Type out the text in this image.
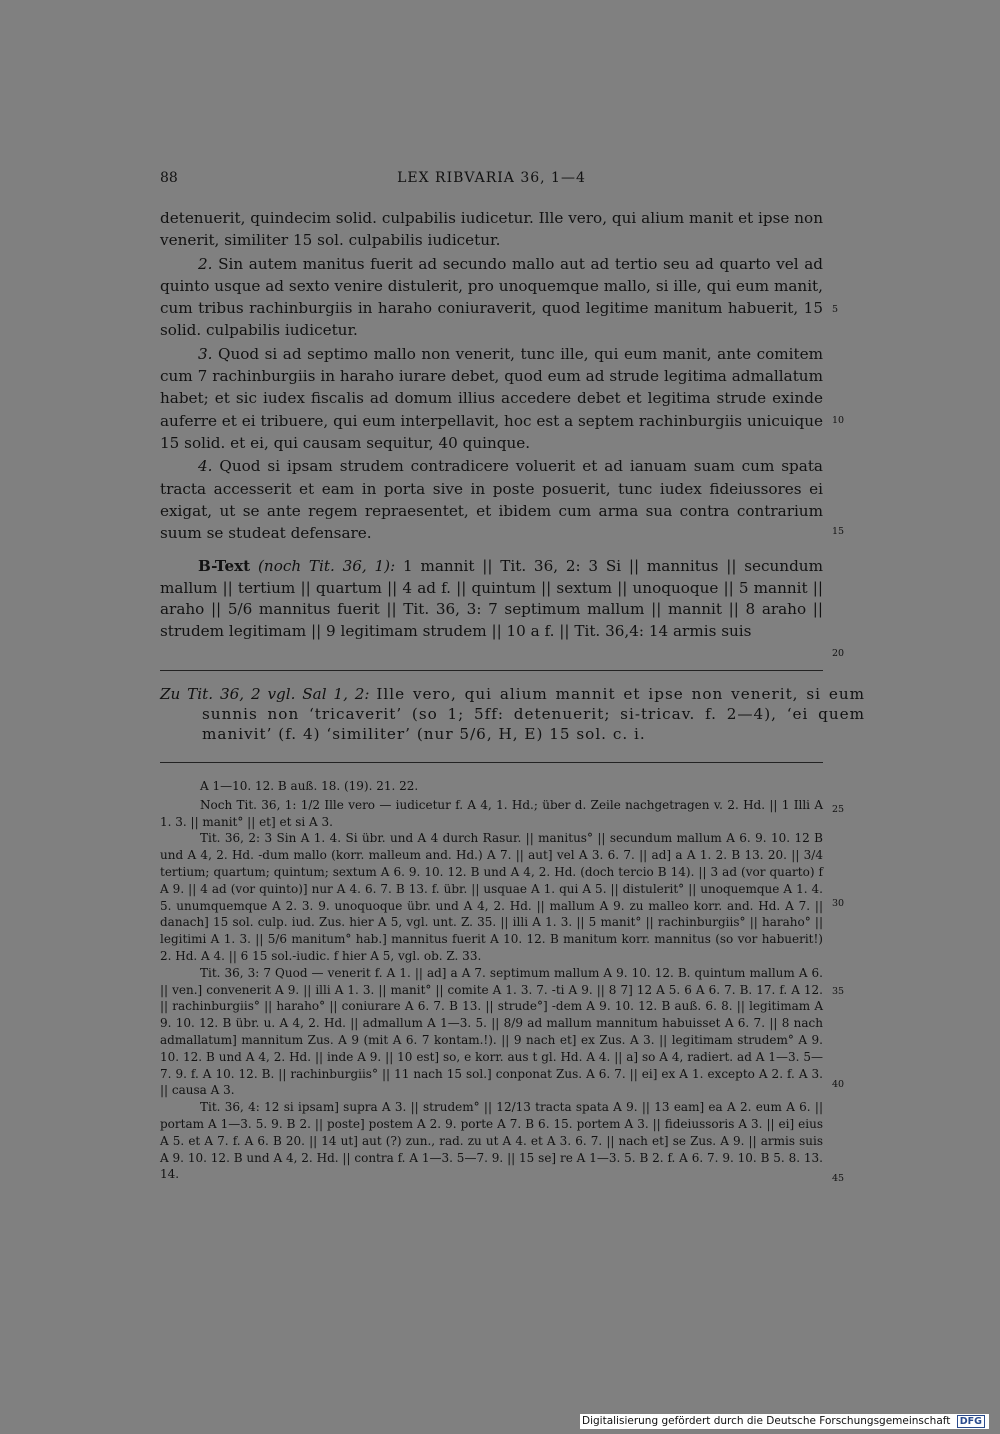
88	LEX RIBVARIA 36, 1—4

detenuerit, quindecim solid. culpabilis iudicetur. Ille vero, qui alium manit et ipse non venerit, similiter 15 sol. culpabilis iudicetur.

2. Sin autem manitus fuerit ad secundo mallo aut ad tertio seu ad quarto vel ad quinto usque ad sexto venire distulerit, pro unoquemque mallo, si ille, qui eum manit, cum tribus rachinburgiis in haraho coniuraverit, quod legitime manitum habuerit, 15 solid. culpabilis iudicetur.

3. Quod si ad septimo mallo non venerit, tunc ille, qui eum manit, ante comitem cum 7 rachinburgiis in haraho iurare debet, quod eum ad strude legitima admallatum habet; et sic iudex fiscalis ad domum illius accedere debet et legitima strude exinde auferre et ei tribuere, qui eum interpellavit, hoc est a septem rachinburgiis unicuique 15 solid. et ei, qui causam sequitur, 40 quinque.

4. Quod si ipsam strudem contradicere voluerit et ad ianuam suam cum spata tracta accesserit et eam in porta sive in poste posuerit, tunc iudex fideiussores ei exigat, ut se ante regem repraesentet, et ibidem cum arma sua contra contrarium suum se studeat defensare.

B-Text (noch Tit. 36, 1): 1 mannit || Tit. 36, 2: 3 Si || mannitus || secundum mallum || tertium || quartum || 4 ad f. || quintum || sextum || unoquoque || 5 mannit || araho || 5/6 mannitus fuerit || Tit. 36, 3: 7 septimum mallum || mannit || 8 araho || strudem legitimam || 9 legitimam strudem || 10 a f. || Tit. 36,4: 14 armis suis
Zu Tit. 36, 2 vgl. Sal 1, 2: Ille vero, qui alium mannit et ipse non venerit, si eum sunnis non ‘tricaverit’ (so 1; 5ff: detenuerit; si-tricav. f. 2—4), ‘ei quem manivit’ (f. 4) ‘similiter’ (nur 5/6, H, E) 15 sol. c. i.

A 1—10. 12. B auß. 18. (19). 21. 22.

Noch Tit. 36, 1: 1/2 Ille vero — iudicetur f. A 4, 1. Hd.; über d. Zeile nachgetragen v. 2. Hd. || 1 Illi A 1. 3. || manit° || et] et si A 3.

Tit. 36, 2: 3 Sin A 1. 4. Si übr. und A 4 durch Rasur. || manitus° || secundum mallum A 6. 9. 10. 12 B und A 4, 2. Hd. -dum mallo (korr. malleum and. Hd.) A 7. || aut] vel A 3. 6. 7. || ad] a A 1. 2. B 13. 20. || 3/4 tertium; quartum; quintum; sextum A 6. 9. 10. 12. B und A 4, 2. Hd. (doch tercio B 14). || 3 ad (vor quarto) f A 9. || 4 ad (vor quinto)] nur A 4. 6. 7. B 13. f. übr. || usquae A 1. qui A 5. || distulerit° || unoquemque A 1. 4. 5. unumquemque A 2. 3. 9. unoquoque übr. und A 4, 2. Hd. || mallum A 9. zu malleo korr. and. Hd. A 7. || danach] 15 sol. culp. iud. Zus. hier A 5, vgl. unt. Z. 35. || illi A 1. 3. || 5 manit° || rachinburgiis° || haraho° || legitimi A 1. 3. || 5/6 manitum° hab.] mannitus fuerit A 10. 12. B manitum korr. mannitus (so vor habuerit!) 2. Hd. A 4. || 6 15 sol.-iudic. f hier A 5, vgl. ob. Z. 33.

Tit. 36, 3: 7 Quod — venerit f. A 1. || ad] a A 7. septimum mallum A 9. 10. 12. B. quintum mallum A 6. || ven.] convenerit A 9. || illi A 1. 3. || manit° || comite A 1. 3. 7. -ti A 9. || 8 7] 12 A 5. 6 A 6. 7. B. 17. f. A 12. || rachinburgiis° || haraho° || coniurare A 6. 7. B 13. || strude°] -dem A 9. 10. 12. B auß. 6. 8. || legitimam A 9. 10. 12. B übr. u. A 4, 2. Hd. || admallum A 1—3. 5. || 8/9 ad mallum mannitum habuisset A 6. 7. || 8 nach admallatum] mannitum Zus. A 9 (mit A 6. 7 kontam.!). || 9 nach et] ex Zus. A 3. || legitimam strudem° A 9. 10. 12. B und A 4, 2. Hd. || inde A 9. || 10 est] so, e korr. aus t gl. Hd. A 4. || a] so A 4, radiert. ad A 1—3. 5—7. 9. f. A 10. 12. B. || rachinburgiis° || 11 nach 15 sol.] conponat Zus. A 6. 7. || ei] ex A 1. excepto A 2. f. A 3. || causa A 3.

Tit. 36, 4: 12 si ipsam] supra A 3. || strudem° || 12/13 tracta spata A 9. || 13 eam] ea A 2. eum A 6. || portam A 1—3. 5. 9. B 2. || poste] postem A 2. 9. porte A 7. B 6. 15. portem A 3. || fideiussoris A 3. || ei] eius A 5. et A 7. f. A 6. B 20. || 14 ut] aut (?) zun., rad. zu ut A 4. et A 3. 6. 7. || nach et] se Zus. A 9. || armis suis A 9. 10. 12. B und A 4, 2. Hd. || contra f. A 1—3. 5—7. 9. || 15 se] re A 1—3. 5. B 2. f. A 6. 7. 9. 10. B 5. 8. 13. 14.

5
10
15
20
25
30
35
40
45
Digitalisierung gefördert durch die Deutsche Forschungsgemeinschaft DFG
